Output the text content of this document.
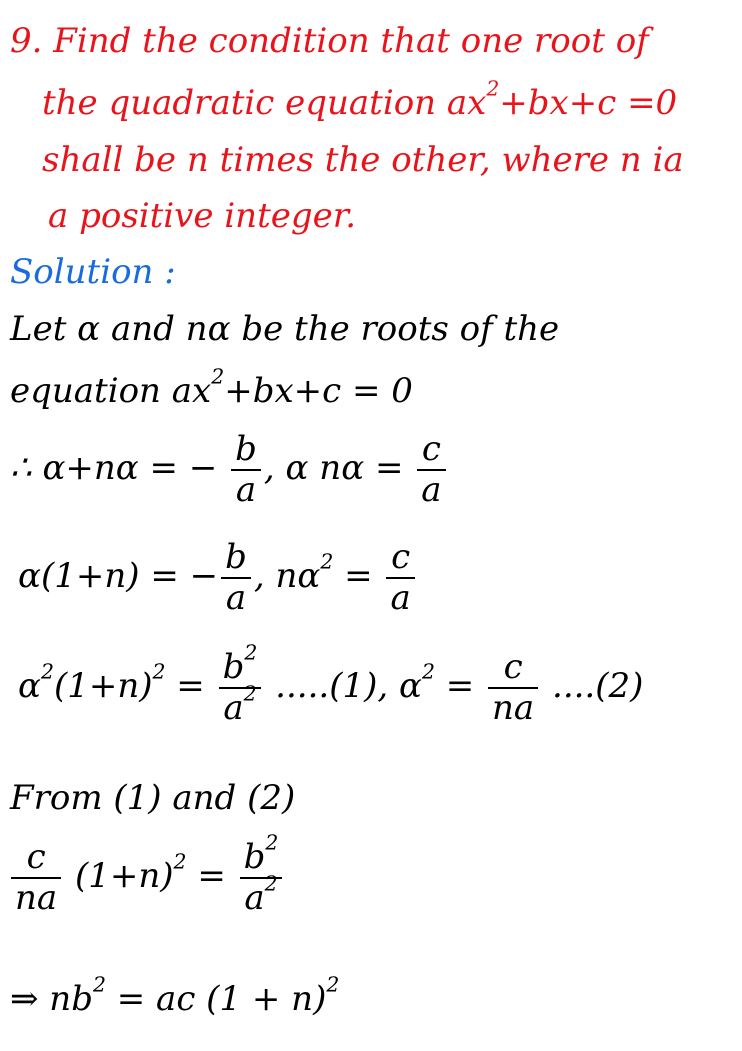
9. Find the condition that one root of
the quadratic equation $ax^2+bx+c =0$
shall be n times the other, where n ia
a positive integer.
Solution :
Let α and nα be the roots of the
equation $ax^2+bx+c = 0$
∴ α+nα = − $\frac{b}{a}$ , α $n\alpha = \frac{c}{a}$
α(1+n) = − $\frac{b}{a}$ , $n\alpha^2 = \frac{c}{a}$
$\alpha^2(1+n)^2 = \frac{b^2}{a^2} .....(1)$, $\alpha^2 = \frac{c}{na} ....(2)$
From (1) and (2)
$\frac{c}{na} (1+n)^2 = \frac{b^2}{a^2}$
⇒ $nb^2$ = ac $(1 + n)^2$
